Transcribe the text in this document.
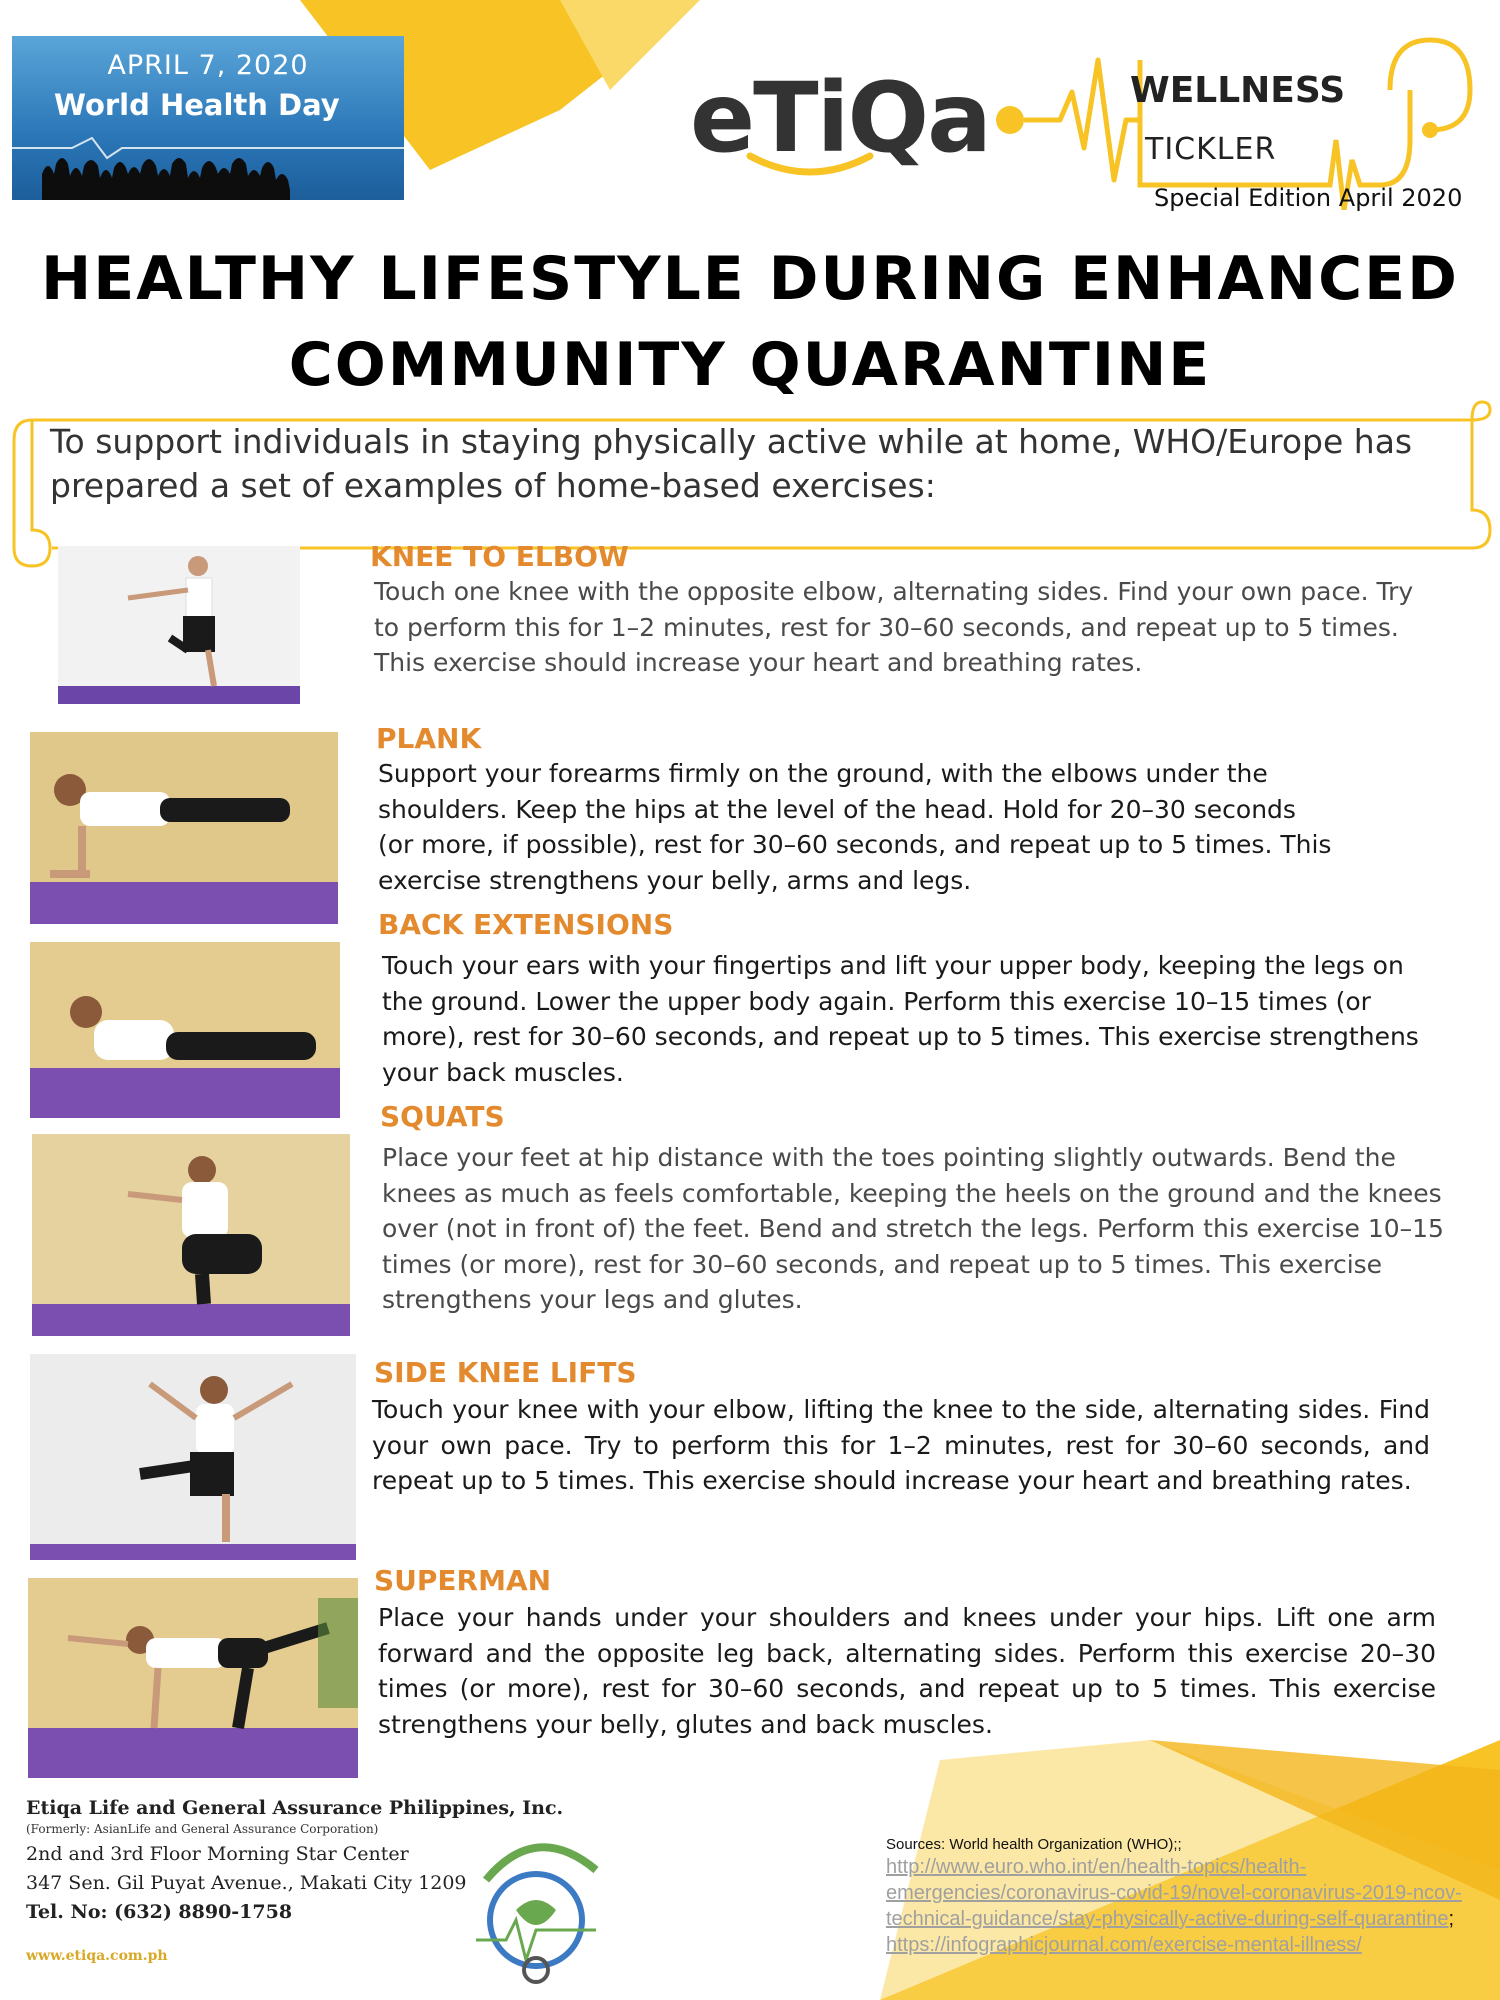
APRIL 7, 2020
World Health Day	eTiQa	WELLNESS
TICKLER
Special Edition April 2020
HEALTHY LIFESTYLE DURING ENHANCED
COMMUNITY QUARANTINE
To support individuals in staying physically active while at home, WHO/Europe has prepared a set of examples of home-based exercises:
KNEE TO ELBOW
Touch one knee with the opposite elbow, alternating sides. Find your own pace. Try to perform this for 1–2 minutes, rest for 30–60 seconds, and repeat up to 5 times. This exercise should increase your heart and breathing rates.
PLANK
Support your forearms firmly on the ground, with the elbows under the shoulders. Keep the hips at the level of the head. Hold for 20–30 seconds (or more, if possible), rest for 30–60 seconds, and repeat up to 5 times. This exercise strengthens your belly, arms and legs.
BACK EXTENSIONS
Touch your ears with your fingertips and lift your upper body, keeping the legs on the ground. Lower the upper body again. Perform this exercise 10–15 times (or more), rest for 30–60 seconds, and repeat up to 5 times. This exercise strengthens your back muscles.
SQUATS
Place your feet at hip distance with the toes pointing slightly outwards. Bend the knees as much as feels comfortable, keeping the heels on the ground and the knees over (not in front of) the feet. Bend and stretch the legs. Perform this exercise 10–15 times (or more), rest for 30–60 seconds, and repeat up to 5 times. This exercise strengthens your legs and glutes.
SIDE KNEE LIFTS
Touch your knee with your elbow, lifting the knee to the side, alternating sides. Find your own pace. Try to perform this for 1–2 minutes, rest for 30–60 seconds, and repeat up to 5 times. This exercise should increase your heart and breathing rates.
SUPERMAN
Place your hands under your shoulders and knees under your hips. Lift one arm forward and the opposite leg back, alternating sides. Perform this exercise 20–30 times (or more), rest for 30–60 seconds, and repeat up to 5 times. This exercise strengthens your belly, glutes and back muscles.
Etiqa Life and General Assurance Philippines, Inc.
(Formerly: AsianLife and General Assurance Corporation)
2nd and 3rd Floor Morning Star Center
347 Sen. Gil Puyat Avenue., Makati City 1209
Tel. No: (632) 8890-1758
www.etiqa.com.ph
Sources: World health Organization (WHO);;
http://www.euro.who.int/en/health-topics/health-emergencies/coronavirus-covid-19/novel-coronavirus-2019-ncov-technical-guidance/stay-physically-active-during-self-quarantine; https://infographicjournal.com/exercise-mental-illness/
